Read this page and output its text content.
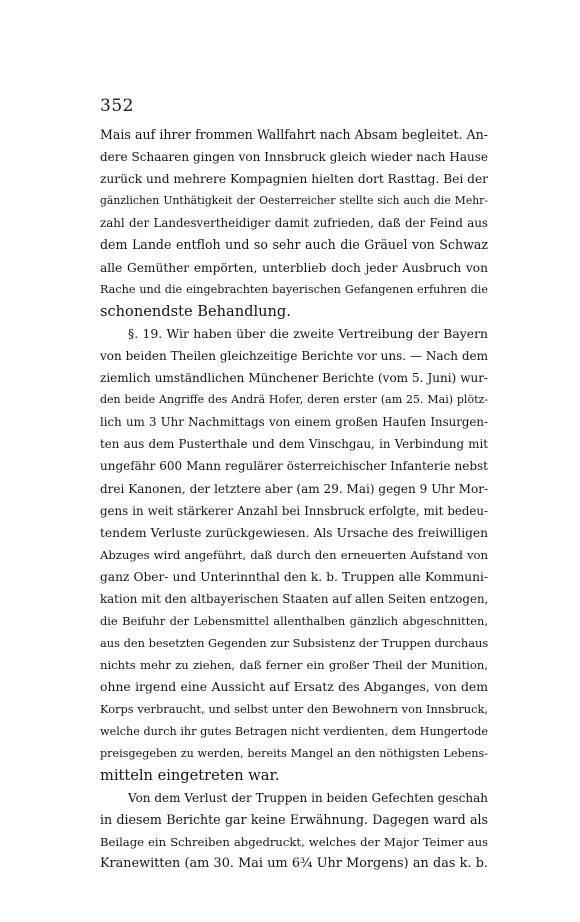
352
Mais auf ihrer frommen Wallfahrt nach Absam begleitet. An-
dere Schaaren gingen von Innsbruck gleich wieder nach Hause
zurück und mehrere Kompagnien hielten dort Rasttag. Bei der
gänzlichen Unthätigkeit der Oesterreicher stellte sich auch die Mehr-
zahl der Landesvertheidiger damit zufrieden, daß der Feind aus
dem Lande entfloh und so sehr auch die Gräuel von Schwaz
alle Gemüther empörten, unterblieb doch jeder Ausbruch von
Rache und die eingebrachten bayerischen Gefangenen erfuhren die
schonendste Behandlung.
§. 19. Wir haben über die zweite Vertreibung der Bayern
von beiden Theilen gleichzeitige Berichte vor uns. — Nach dem
ziemlich umständlichen Münchener Berichte (vom 5. Juni) wur-
den beide Angriffe des Andrä Hofer, deren erster (am 25. Mai) plötz-
lich um 3 Uhr Nachmittags von einem großen Haufen Insurgen-
ten aus dem Pusterthale und dem Vinschgau, in Verbindung mit
ungefähr 600 Mann regulärer österreichischer Infanterie nebst
drei Kanonen, der letztere aber (am 29. Mai) gegen 9 Uhr Mor-
gens in weit stärkerer Anzahl bei Innsbruck erfolgte, mit bedeu-
tendem Verluste zurückgewiesen. Als Ursache des freiwilligen
Abzuges wird angeführt, daß durch den erneuerten Aufstand von
ganz Ober- und Unterinnthal den k. b. Truppen alle Kommuni-
kation mit den altbayerischen Staaten auf allen Seiten entzogen,
die Beifuhr der Lebensmittel allenthalben gänzlich abgeschnitten,
aus den besetzten Gegenden zur Subsistenz der Truppen durchaus
nichts mehr zu ziehen, daß ferner ein großer Theil der Munition,
ohne irgend eine Aussicht auf Ersatz des Abganges, von dem
Korps verbraucht, und selbst unter den Bewohnern von Innsbruck,
welche durch ihr gutes Betragen nicht verdienten, dem Hungertode
preisgegeben zu werden, bereits Mangel an den nöthigsten Lebens-
mitteln eingetreten war.
Von dem Verlust der Truppen in beiden Gefechten geschah
in diesem Berichte gar keine Erwähnung. Dagegen ward als
Beilage ein Schreiben abgedruckt, welches der Major Teimer aus
Kranewitten (am 30. Mai um 6¾ Uhr Morgens) an das k. b.
